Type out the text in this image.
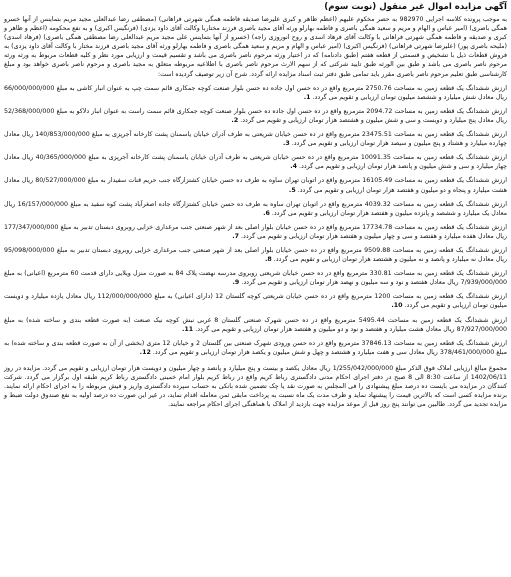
آگهی مزایده اموال غیر منقول (نوبت سوم)

به موجب پرونده کلاسه اجرایی 982970 به حصر مخکوم علیهم (اعظم ظاهر و کبری علیرضا صدیقه فاطمه همگی شهرتی فراهانی) (مصطفی رضا عبدالعلی مجید مریم بتماینس از آنها خسرو همگی باصری) (امیر عباس و الهام و مریم و سعید همگی باصری و فاطمه بهارلو ورثه آقای مجید باصری فرزند مختاربا وکالت آقای داود یزدی) (فرنگیس اکبری) و به نفع محکومه (اعظم و ظاهر و کبری و صدیقه و فاطمه همگی شهرتی فراهانی با وکالت آقای فرهاد اسدی و روح انوروزی راجه) (خسرو از آنها بتماینس علی مجید مریم عبدالعلی رضا مصطفی همگی باصری) (فرهاد اسدی) (ملیحه باصری پور) (علیرضا شهرتی فراهانی) (فرنگیس اکبری) (امیر عباس و الهام و مریم و سعید همگی باصری و فاطمه بهارلو ورثه آقای مجید باصری فرزند مختار با وکالت آقای داود یزدی) به فروش قطعات ذیل با تشخیص و قسمتی از قطعه هفتم (طبق دادنامه) که در اختیار ورثه مرحوم ناصر باصری می باشد و تقسیم قیمت و ارزیابی مورد نظر و کلیه قطعات مربوط به ورثه ورثه مرحوم ناصر باصری می باشد و طبق بین الورثه طبق تایید شرکتی که از سهم الارث مرحوم ناصر باصری با اطلاعیه مربوطه متعلق به مجید باصری و مرحوم ناصر باصری خواهد بود و مبلغ کارشناسی طبق تعلیم مرحوم ناصر باصری مقرر باید تمامی طبق دفتر ثبت اسناد مزایده ارائه گردد. شرح آن زیر توصیف گردیده است:

ارزش ششدانگ یک قطعه زمین به مساحت 2750.76 مترمربع واقع در ده حسن اول جاده ده حسن بلوار صنعت کوچه جمکاری قائم سمت چپ به عنوان انبار کاشی به مبلغ 66/000/000/000 ریال معادل شش میلیارد و ششصد میلیون تومان ارزیابی و تقویم می گردد. 1.

ارزش ششدانگ یک قطعه زمین به مساحت 2094.72 مترمربع واقع در ده حسن اول جاده ده حسن بلوار صنعت کوچه جمکاری قائم سمت راست به عنوان انبار دلاکو به مبلغ 52/368/000/000 ریال معادل پنج میلیارد و دویست و سی و شش میلیون و هشتصد هزار تومان ارزیابی و تقویم می گردد. 2.

ارزش ششدانگ یک قطعه زمین به مساحت 23475.51 مترمربع واقع در ده حسن خیابان شریعتی به طرف آدران خیابان یاسمنان پشت کارخانه آجرپزی به مبلغ 140/853/000/000 ریال معادل چهارده میلیارد و هشتاد و پنج میلیون و سیصد هزار تومان ارزیابی و تقویم می گردد. 3.

ارزش ششدانگ یک قطعه زمین به مساحت 10091.35 مترمربع واقع در ده حسن خیابان شریعتی به طرف آدران خیابان یاسمنان پشت کارخانه آجرپزی به مبلغ 40/365/000/000 ریال معادل چهار میلیارد و سی و شش میلیون و پانصد هزار تومان ارزیابی و تقویم می گردد. 4.

ارزش ششدانگ یک قطعه زمین به مساحت 16105.49 مترمربع واقع در اتوبان تهران ساوه به طرف ده حسن خیابان کشتزارگاه جنب حریم قنات سفیدار به مبلغ 80/527/000/000 ریال معادل هشت میلیارد و پنجاه و دو میلیون و هفتصد هزار تومان ارزیابی و تقویم می گردد. 5.

ارزش ششدانگ یک قطعه زمین به مساحت 4039.32 مترمربع واقع در اتوبان تهران ساوه به طرف ده حسن خیابان کشتزارگاه جاده اصغرآباد پشت کوه سفید به مبلغ 16/157/000/000 ریال معادل یک میلیارد و ششصد و پانزده میلیون و هفتصد هزار تومان ارزیابی و تقویم می گردد. 6.

ارزش ششدانگ یک قطعه زمین به مساحت 17734.78 مترمربع واقع در ده حسن خیابان بلوار اصلی بعد از شهر صنعتی جنب مرغداری خزایی روبروی دبستان تدبیر به مبلغ 177/347/000/000 ریال معادل هفده میلیارد و هفتصد و سی و چهار میلیون و هفتصد هزار تومان ارزیابی و تقویم می گردد. 7.

ارزش ششدانگ یک قطعه زمین به مساحت 9509.88 مترمربع واقع در ده حسن خیابان بلوار اصلی بعد از شهر صنعتی جنب مرغداری خزایی روبروی دبستان تدبیر به مبلغ 95/098/000/000 ریال معادل نه میلیارد و پانصد و نه میلیون و هشتصد هزار تومان ارزیابی و تقویم می گردد. 8.

ارزش ششدانگ یک قطعه زمین به مساحت 330.81 مترمربع واقع در ده حسن خیابان شریعتی روبروی مدرسه نهضت پلاک 84 به صورت منزل ویلایی دارای قدمت 60 مترمربع (اعیانی) به مبلغ 7/939/000/000 ریال معادل هفتصد و نود و سه میلیون و نهصد هزار تومان ارزیابی و تقویم می گردد. 9.

ارزش ششدانگ یک قطعه زمین به مساحت 1200 مترمربع واقع در ده حسن خیابان شریعتی کوچه گلستان 12 (دارای اعیانی) به مبلغ 112/000/000/000 ریال معادل یازده میلیارد و دویست میلیون تومان ارزیابی و تقویم می گردد. 10.

ارزش ششدانگ یک قطعه زمین به مساحت 5495.44 مترمربع واقع در ده حسن شهرک صنعتی گلستان 8 غربی نبش کوچه نیک صنعت (به صورت قطعه بندی و ساخته شده) به مبلغ 87/927/000/000 ریال معادل هشت میلیارد و هفتصد و نود و دو میلیون و هفتصد هزار تومان ارزیابی و تقویم می گردد. 11.

ارزش ششدانگ یک قطعه زمین به مساحت 37846.13 مترمربع واقع در ده حسن ورودی شهرک صنعتی بین گلستان 2 و خیابان 12 متری (بخشی از آن به صورت قطعه بندی و ساخته شده) به مبلغ 378/461/000/000 ریال معادل سی و هفت میلیارد و هشتصد و چهل و شش میلیون و یکصد هزار تومان ارزیابی و تقویم می گردد. 12.

مجموع مبالغ ارزیابی املاک فوق الذکر مبلغ 1/255/042/000/000 ریال معادل یکصد و بیست و پنج میلیارد و پانصد و چهار میلیون و دویست هزار تومان ارزیابی و تقویم می گردد. مزایده در روز 1402/06/11 از ساعت 8:30 الی 8 صبح در دفتر اجرای احکام مدنی دادگستری رباط کریم واقع در رباط کریم بلوار امام خمینی دادگستری رباط کریم طبقه اول برگزار می گردد. شرکت کنندگان در مزایده می بایست ده درصد مبلغ پیشنهادی را فی المجلس به صورت نقد یا چک تضمین شده بانکی به حساب سپرده دادگستری واریز و فیش مربوطه را به اجرای احکام ارائه نمایند. برنده مزایده کسی است که بالاترین قیمت را پیشنهاد نماید و ظرف مدت یک ماه نسبت به پرداخت مابقی ثمن معامله اقدام نماید، در غیر این صورت ده درصد اولیه به نفع صندوق دولت ضبط و مزایده تجدید می گردد. طالبین می توانند پنج روز قبل از موعد مزایده جهت بازدید از املاک با هماهنگی اجرای احکام مراجعه نمایند.
